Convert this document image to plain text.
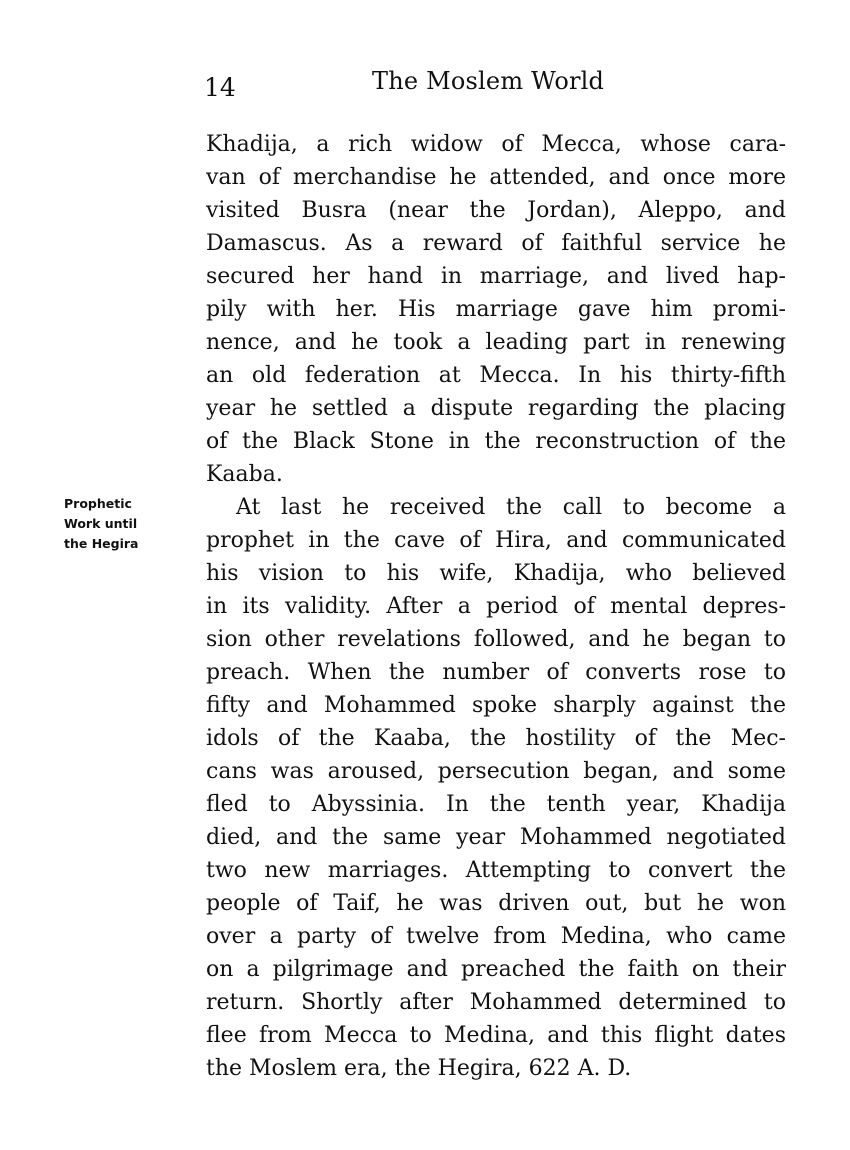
14	The Moslem World
Prophetic
Work until
the Hegira
Khadija, a rich widow of Mecca, whose cara-
van of merchandise he attended, and once more
visited Busra (near the Jordan), Aleppo, and
Damascus. As a reward of faithful service he
secured her hand in marriage, and lived hap-
pily with her. His marriage gave him promi-
nence, and he took a leading part in renewing
an old federation at Mecca. In his thirty-fifth
year he settled a dispute regarding the placing
of the Black Stone in the reconstruction of the
Kaaba.
At last he received the call to become a
prophet in the cave of Hira, and communicated
his vision to his wife, Khadija, who believed
in its validity. After a period of mental depres-
sion other revelations followed, and he began to
preach. When the number of converts rose to
fifty and Mohammed spoke sharply against the
idols of the Kaaba, the hostility of the Mec-
cans was aroused, persecution began, and some
fled to Abyssinia. In the tenth year, Khadija
died, and the same year Mohammed negotiated
two new marriages. Attempting to convert the
people of Taif, he was driven out, but he won
over a party of twelve from Medina, who came
on a pilgrimage and preached the faith on their
return. Shortly after Mohammed determined to
flee from Mecca to Medina, and this flight dates
the Moslem era, the Hegira, 622 A. D.
